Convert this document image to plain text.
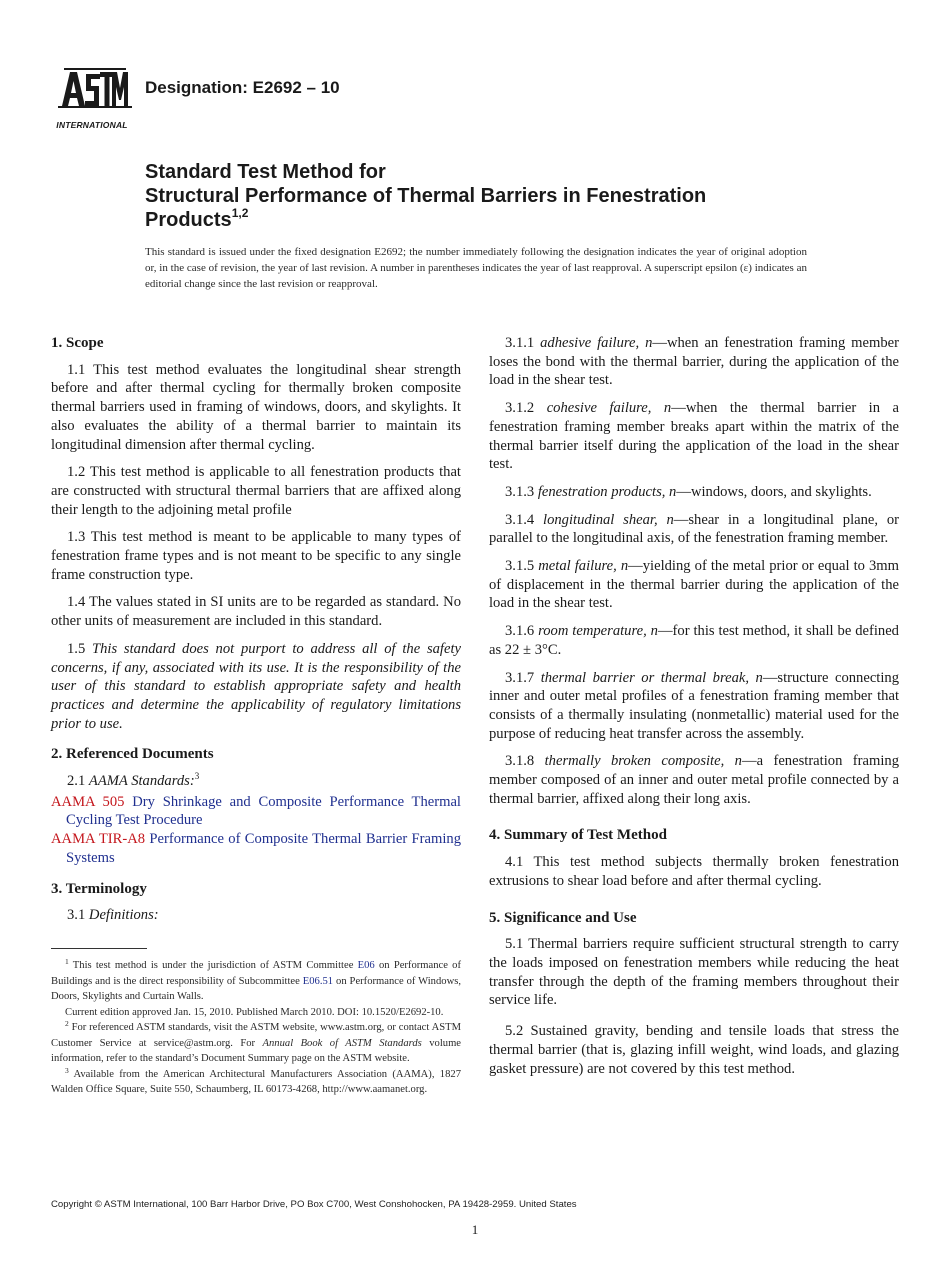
INTERNATIONAL
Designation: E2692 – 10
Standard Test Method for
Structural Performance of Thermal Barriers in Fenestration
Products$^{1,2}$
This standard is issued under the fixed designation E2692; the number immediately following the designation indicates the year of original adoption or, in the case of revision, the year of last revision. A number in parentheses indicates the year of last reapproval. A superscript epsilon (ε) indicates an editorial change since the last revision or reapproval.
1. Scope
1.1 This test method evaluates the longitudinal shear strength before and after thermal cycling for thermally broken composite thermal barriers used in framing of windows, doors, and skylights. It also evaluates the ability of a thermal barrier to maintain its longitudinal dimension after thermal cycling.
1.2 This test method is applicable to all fenestration products that are constructed with structural thermal barriers that are affixed along their length to the adjoining metal profile
1.3 This test method is meant to be applicable to many types of fenestration frame types and is not meant to be specific to any single frame construction type.
1.4 The values stated in SI units are to be regarded as standard. No other units of measurement are included in this standard.
1.5 This standard does not purport to address all of the safety concerns, if any, associated with its use. It is the responsibility of the user of this standard to establish appropriate safety and health practices and determine the applicability of regulatory limitations prior to use.
2. Referenced Documents
2.1 AAMA Standards:$^3$
AAMA 505 Dry Shrinkage and Composite Performance Thermal Cycling Test Procedure
AAMA TIR-A8 Performance of Composite Thermal Barrier Framing Systems
3. Terminology
3.1 Definitions:

$^1$ This test method is under the jurisdiction of ASTM Committee E06 on Performance of Buildings and is the direct responsibility of Subcommittee E06.51 on Performance of Windows, Doors, Skylights and Curtain Walls.

Current edition approved Jan. 15, 2010. Published March 2010. DOI: 10.1520/E2692-10.

$^2$ For referenced ASTM standards, visit the ASTM website, www.astm.org, or contact ASTM Customer Service at service@astm.org. For Annual Book of ASTM Standards volume information, refer to the standard’s Document Summary page on the ASTM website.

$^3$ Available from the American Architectural Manufacturers Association (AAMA), 1827 Walden Office Square, Suite 550, Schaumberg, IL 60173-4268, http://www.aamanet.org.

3.1.1 adhesive failure, n—when an fenestration framing member loses the bond with the thermal barrier, during the application of the load in the shear test.
3.1.2 cohesive failure, n—when the thermal barrier in a fenestration framing member breaks apart within the matrix of the thermal barrier itself during the application of the load in the shear test.
3.1.3 fenestration products, n—windows, doors, and skylights.
3.1.4 longitudinal shear, n—shear in a longitudinal plane, or parallel to the longitudinal axis, of the fenestration framing member.
3.1.5 metal failure, n—yielding of the metal prior or equal to 3mm of displacement in the thermal barrier during the application of the load in the shear test.
3.1.6 room temperature, n—for this test method, it shall be defined as 22 ± 3°C.
3.1.7 thermal barrier or thermal break, n—structure connecting inner and outer metal profiles of a fenestration framing member that consists of a thermally insulating (nonmetallic) material used for the purpose of reducing heat transfer across the assembly.
3.1.8 thermally broken composite, n—a fenestration framing member composed of an inner and outer metal profile connected by a thermal barrier, affixed along their long axis.
4. Summary of Test Method
4.1 This test method subjects thermally broken fenestration extrusions to shear load before and after thermal cycling.
5. Significance and Use
5.1 Thermal barriers require sufficient structural strength to carry the loads imposed on fenestration members while reducing the heat transfer through the depth of the framing members throughout their service life.
5.2 Sustained gravity, bending and tensile loads that stress the thermal barrier (that is, glazing infill weight, wind loads, and glazing gasket pressure) are not covered by this test method.
Copyright © ASTM International, 100 Barr Harbor Drive, PO Box C700, West Conshohocken, PA 19428-2959. United States
1
